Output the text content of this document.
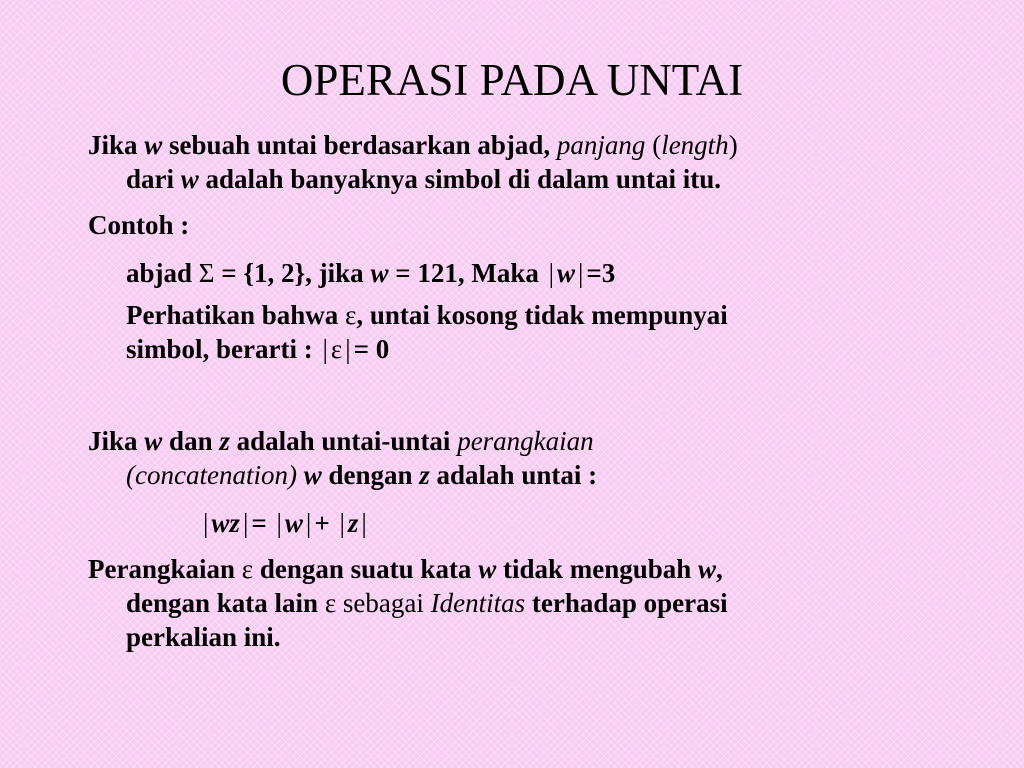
OPERASI PADA UNTAI
Jika w sebuah untai berdasarkan abjad, panjang (length)
dari w adalah banyaknya simbol di dalam untai itu.
Contoh :
abjad Σ = {1, 2}, jika w = 121, Maka | w | =3
Perhatikan bahwa ε, untai kosong tidak mempunyai
simbol, berarti : | ε | = 0
Jika w dan z adalah untai-untai perangkaian
(concatenation) w dengan z adalah untai :
| wz | = | w | + | z |
Perangkaian ε dengan suatu kata w tidak mengubah w,
dengan kata lain ε sebagai Identitas terhadap operasi
perkalian ini.
